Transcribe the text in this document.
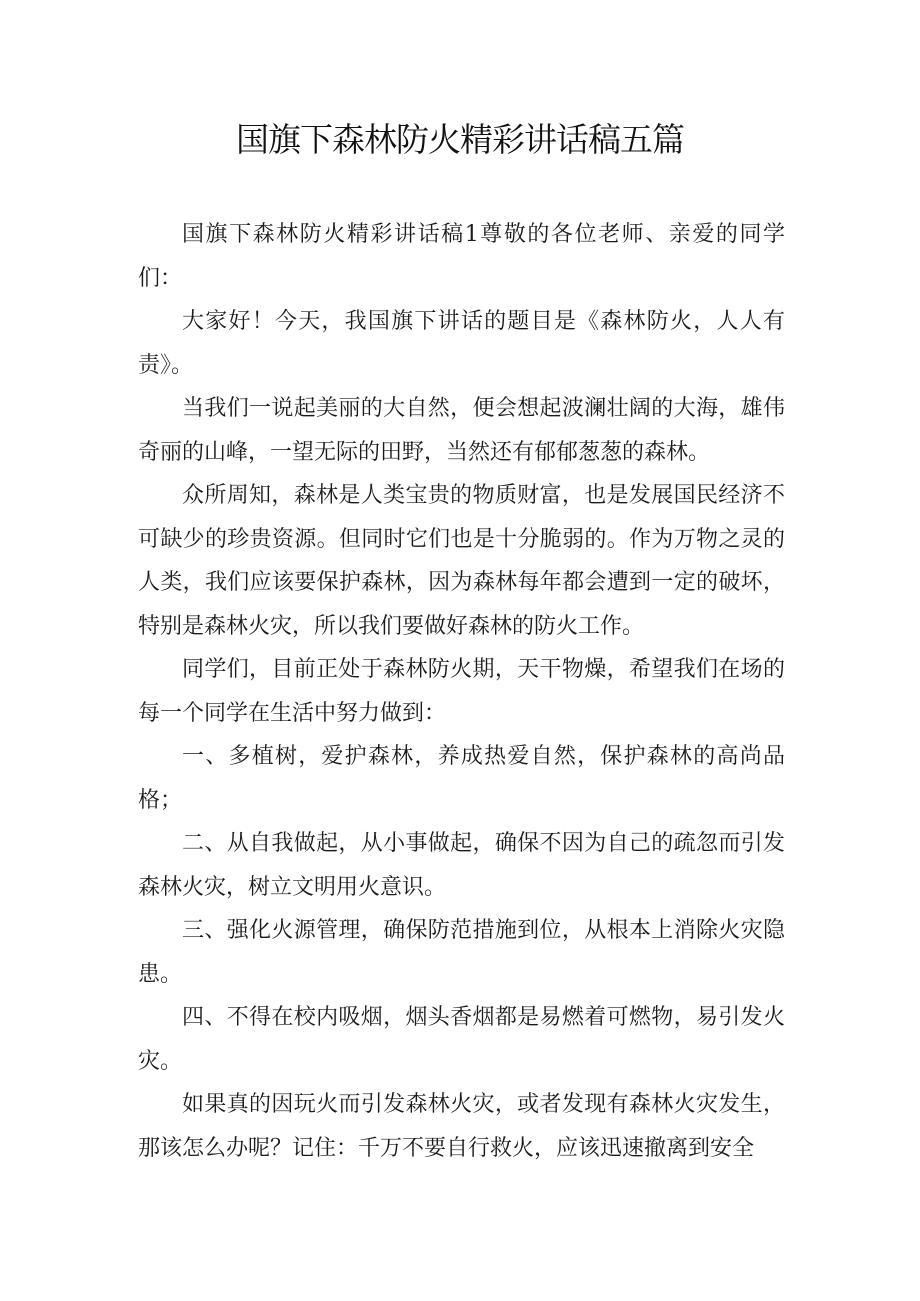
国旗下森林防火精彩讲话稿五篇

国旗下森林防火精彩讲话稿1尊敬的各位老师、亲爱的同学们：

大家好！今天，我国旗下讲话的题目是《森林防火，人人有责》。

当我们一说起美丽的大自然，便会想起波澜壮阔的大海，雄伟奇丽的山峰，一望无际的田野，当然还有郁郁葱葱的森林。

众所周知，森林是人类宝贵的物质财富，也是发展国民经济不可缺少的珍贵资源。但同时它们也是十分脆弱的。作为万物之灵的人类，我们应该要保护森林，因为森林每年都会遭到一定的破坏，特别是森林火灾，所以我们要做好森林的防火工作。

同学们，目前正处于森林防火期，天干物燥，希望我们在场的每一个同学在生活中努力做到：

一、多植树，爱护森林，养成热爱自然，保护森林的高尚品格；

二、从自我做起，从小事做起，确保不因为自己的疏忽而引发森林火灾，树立文明用火意识。

三、强化火源管理，确保防范措施到位，从根本上消除火灾隐患。

四、不得在校内吸烟，烟头香烟都是易燃着可燃物，易引发火灾。

如果真的因玩火而引发森林火灾，或者发现有森林火灾发生，那该怎么办呢？记住：千万不要自行救火，应该迅速撤离到安全
